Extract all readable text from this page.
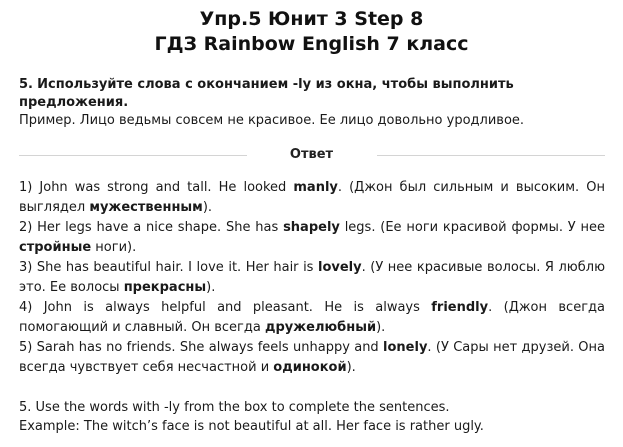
Упр.5 Юнит 3 Step 8
ГДЗ Rainbow English 7 класс
5. Используйте слова с окончанием -ly из окна, чтобы выполнить предложения.
Пример. Лицо ведьмы совсем не красивое. Ее лицо довольно уродливое.
Ответ

1) John was strong and tall. He looked manly. (Джон был сильным и высоким. Он выглядел мужественным).

2) Her legs have a nice shape. She has shapely legs. (Ее ноги красивой формы. У нее стройные ноги).

3) She has beautiful hair. I love it. Her hair is lovely. (У нее красивые волосы. Я люблю это. Ее волосы прекрасны).

4) John is always helpful and pleasant. He is always friendly. (Джон всегда помогающий и славный. Он всегда дружелюбный).

5) Sarah has no friends. She always feels unhappy and lonely. (У Сары нет друзей. Она всегда чувствует себя несчастной и одинокой).

5. Use the words with -ly from the box to complete the sentences.
Example: The witch’s face is not beautiful at all. Her face is rather ugly.
